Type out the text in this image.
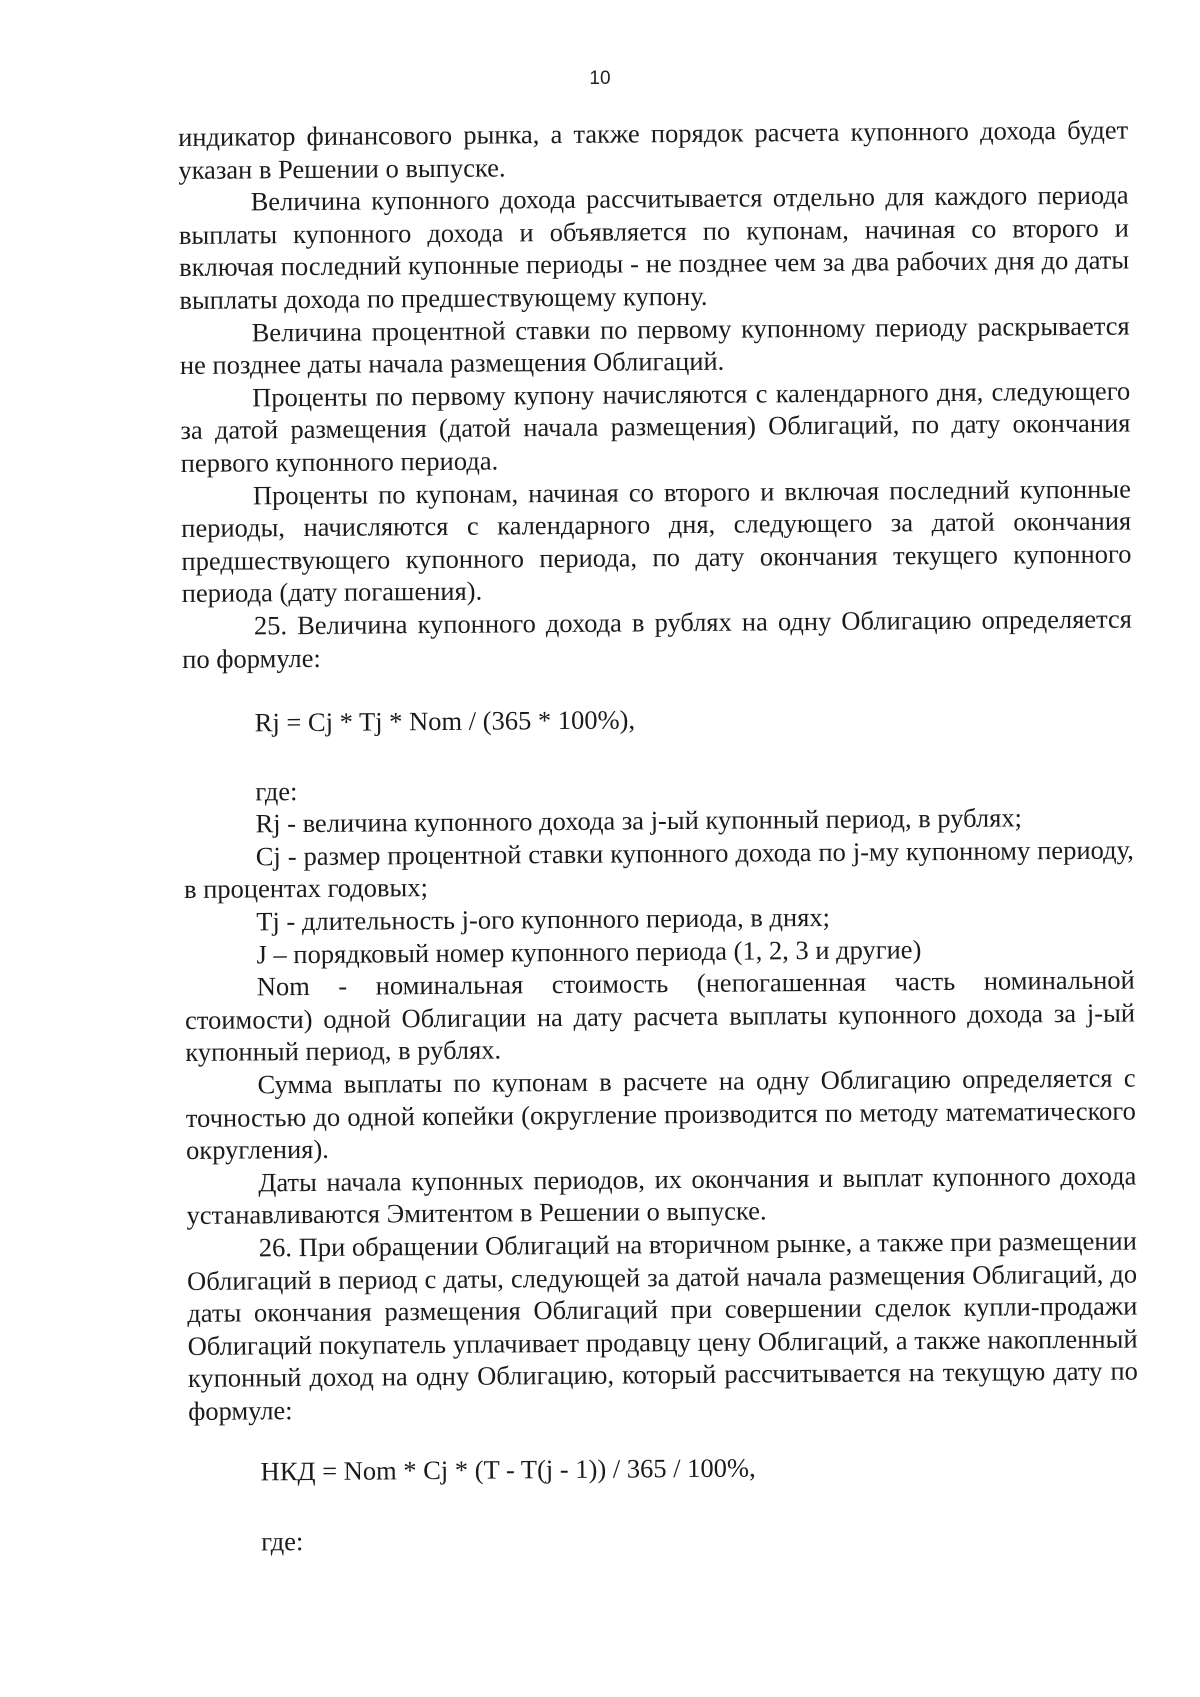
10

индикатор финансового рынка, а также порядок расчета купонного дохода будет указан в Решении о выпуске.

Величина купонного дохода рассчитывается отдельно для каждого периода выплаты купонного дохода и объявляется по купонам, начиная со второго и включая последний купонные периоды - не позднее чем за два рабочих дня до даты выплаты дохода по предшествующему купону.

Величина процентной ставки по первому купонному периоду раскрывается не позднее даты начала размещения Облигаций.

Проценты по первому купону начисляются с календарного дня, следующего за датой размещения (датой начала размещения) Облигаций, по дату окончания первого купонного периода.

Проценты по купонам, начиная со второго и включая последний купонные периоды, начисляются с календарного дня, следующего за датой окончания предшествующего купонного периода, по дату окончания текущего купонного периода (дату погашения).

25. Величина купонного дохода в рублях на одну Облигацию определяется по формуле:

Rj = Cj * Tj * Nom / (365 * 100%),

где:

Rj - величина купонного дохода за j-ый купонный период, в рублях;

Cj - размер процентной ставки купонного дохода по j-му купонному периоду, в процентах годовых;

Tj - длительность j-ого купонного периода, в днях;

J – порядковый номер купонного периода (1, 2, 3 и другие)

Nom - номинальная стоимость (непогашенная часть номинальной стоимости) одной Облигации на дату расчета выплаты купонного дохода за j-ый купонный период, в рублях.

Сумма выплаты по купонам в расчете на одну Облигацию определяется с точностью до одной копейки (округление производится по методу математического округления).

Даты начала купонных периодов, их окончания и выплат купонного дохода устанавливаются Эмитентом в Решении о выпуске.

26. При обращении Облигаций на вторичном рынке, а также при размещении Облигаций в период с даты, следующей за датой начала размещения Облигаций, до даты окончания размещения Облигаций при совершении сделок купли-продажи Облигаций покупатель уплачивает продавцу цену Облигаций, а также накопленный купонный доход на одну Облигацию, который рассчитывается на текущую дату по формуле:

НКД = Nom * Cj * (T - T(j - 1)) / 365 / 100%,

где:
